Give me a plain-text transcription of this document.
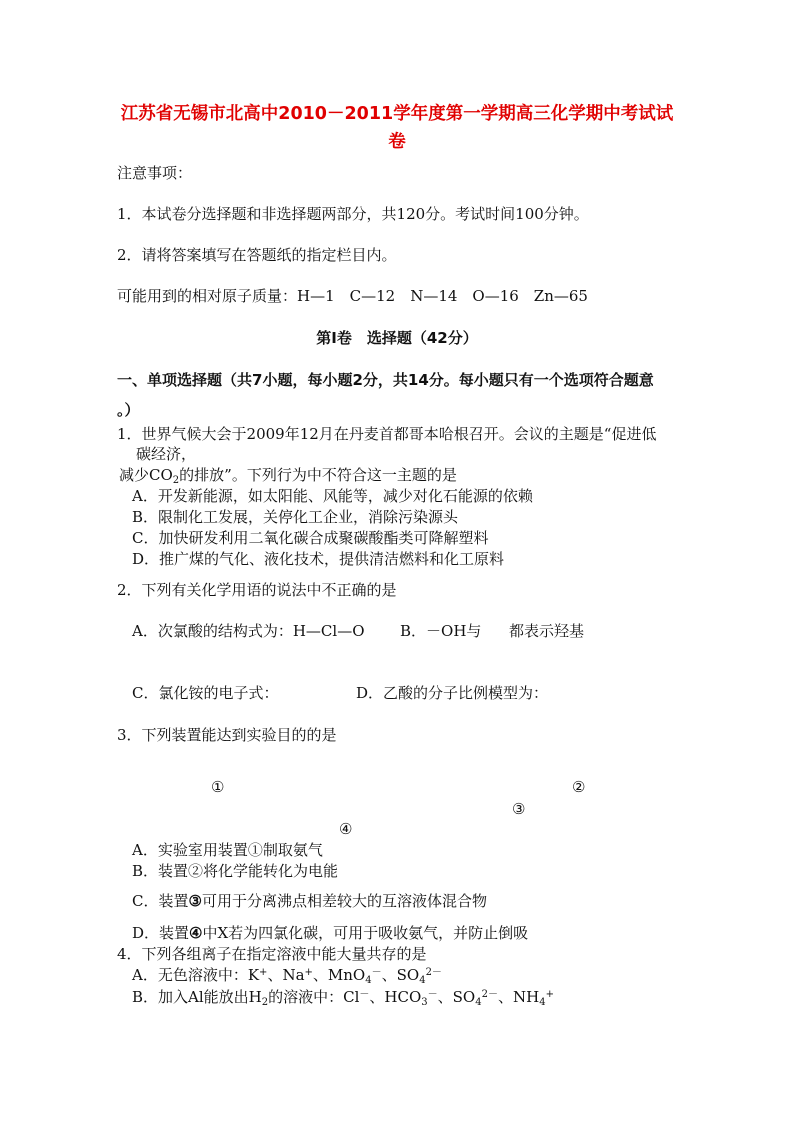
江苏省无锡市北高中2010－2011学年度第一学期高三化学期中考试试
卷
注意事项：
1．本试卷分选择题和非选择题两部分，共120分。考试时间100分钟。
2．请将答案填写在答题纸的指定栏目内。
可能用到的相对原子质量：H—1　C—12　N—14　O—16　Zn—65
第Ⅰ卷　选择题（42分）
一、单项选择题（共7小题，每小题2分，共14分。每小题只有一个选项符合题意
。）
1．世界气候大会于2009年12月在丹麦首都哥本哈根召开。会议的主题是“促进低
碳经济，
减少$CO_2$的排放”。下列行为中不符合这一主题的是
A．开发新能源，如太阳能、风能等，减少对化石能源的依赖
B．限制化工发展，关停化工企业，消除污染源头
C．加快研发利用二氧化碳合成聚碳酸酯类可降解塑料
D．推广煤的气化、液化技术，提供清洁燃料和化工原料
2．下列有关化学用语的说法中不正确的是
A．次氯酸的结构式为：H—Cl—O B．－OH与 都表示羟基
C．氯化铵的电子式：	D．乙酸的分子比例模型为：
3．下列装置能达到实验目的的是
①	②
③
④
A．实验室用装置①制取氨气
B．装置②将化学能转化为电能
C．装置③可用于分离沸点相差较大的互溶液体混合物
D．装置④中X若为四氯化碳，可用于吸收氨气，并防止倒吸
4．下列各组离子在指定溶液中能大量共存的是
A．无色溶液中：K+、Na+、MnO$_4$－、$SO_4^{2-}$
B．加入Al能放出$H_2$的溶液中：Cl－、$HCO_3^-$、$SO_4^{2-}$、$NH_4^+$
